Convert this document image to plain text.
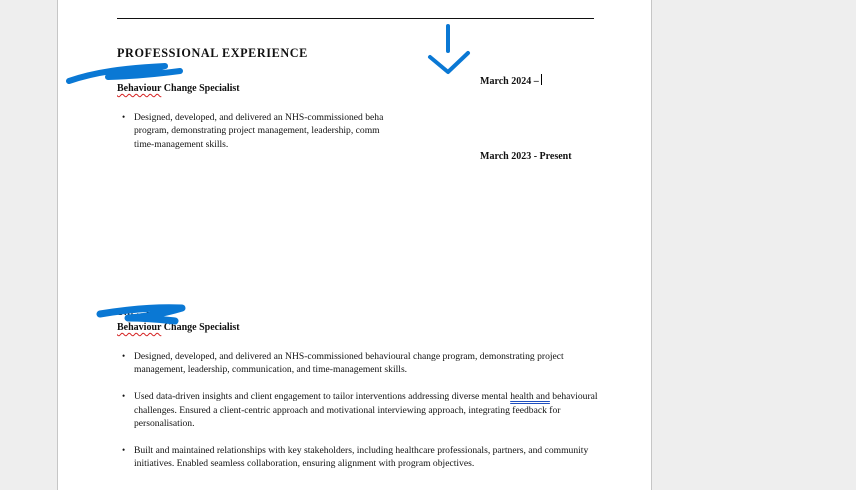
PROFESSIONAL EXPERIENCE
The… …se
Behaviour Change Specialist
March 2024 –
• Designed, developed, and delivered an NHS-commissioned beha
program, demonstrating project management, leadership, comm
time-management skills.
March 2023 - Present
T… …se
Behaviour Change Specialist
• Designed, developed, and delivered an NHS-commissioned behavioural change program, demonstrating project management, leadership, communication, and time-management skills.
• Used data-driven insights and client engagement to tailor interventions addressing diverse mental health and behavioural challenges. Ensured a client-centric approach and motivational interviewing approach, integrating feedback for personalisation.
• Built and maintained relationships with key stakeholders, including healthcare professionals, partners, and community initiatives. Enabled seamless collaboration, ensuring alignment with program objectives.
